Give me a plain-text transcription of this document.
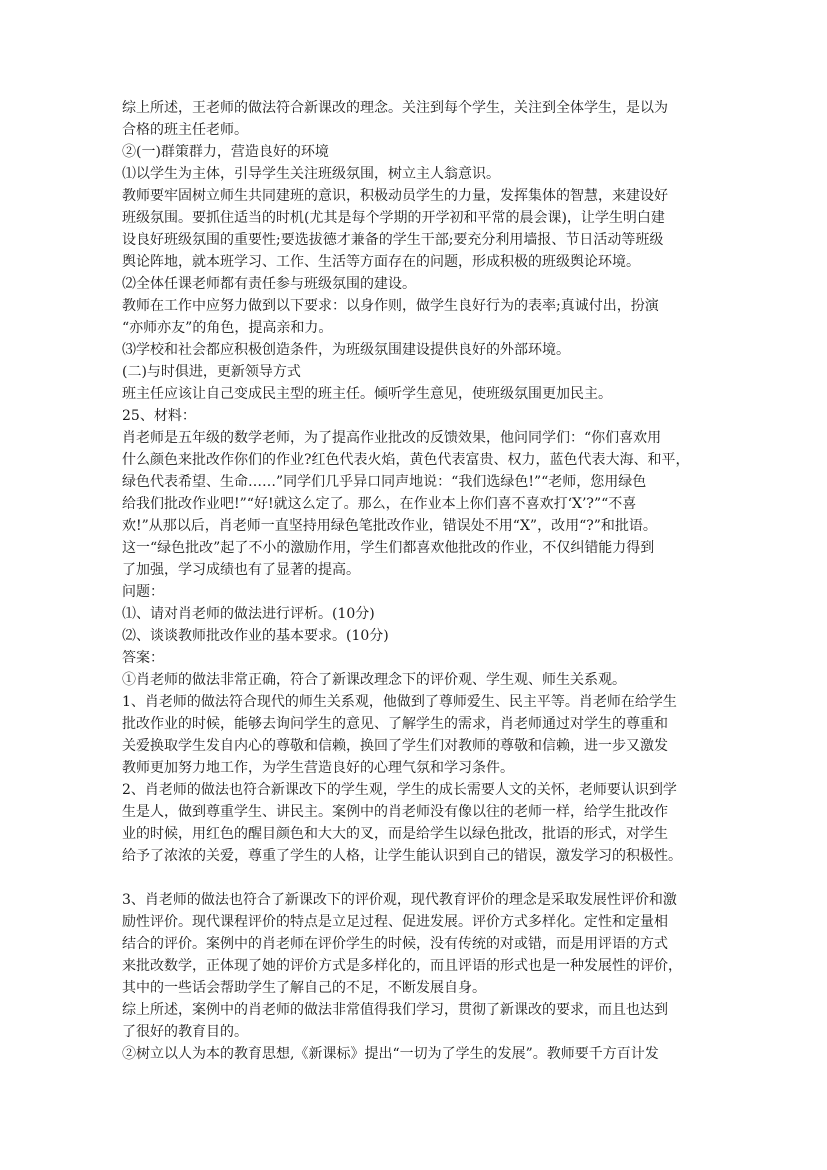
综上所述，王老师的做法符合新课改的理念。关注到每个学生，关注到全体学生，是以为
合格的班主任老师。
②(一)群策群力，营造良好的环境
⑴以学生为主体，引导学生关注班级氛围，树立主人翁意识。
教师要牢固树立师生共同建班的意识，积极动员学生的力量，发挥集体的智慧，来建设好
班级氛围。要抓住适当的时机(尤其是每个学期的开学初和平常的晨会课)，让学生明白建
设良好班级氛围的重要性;要选拔德才兼备的学生干部;要充分利用墙报、节日活动等班级
舆论阵地，就本班学习、工作、生活等方面存在的问题，形成积极的班级舆论环境。
⑵全体任课老师都有责任参与班级氛围的建设。
教师在工作中应努力做到以下要求：以身作则，做学生良好行为的表率;真诚付出，扮演
“亦师亦友”的角色，提高亲和力。
⑶学校和社会都应积极创造条件，为班级氛围建设提供良好的外部环境。
(二)与时俱进，更新领导方式
班主任应该让自己变成民主型的班主任。倾听学生意见，使班级氛围更加民主。
25、材料：
肖老师是五年级的数学老师，为了提高作业批改的反馈效果，他问同学们：“你们喜欢用
什么颜色来批改作你们的作业?红色代表火焰，黄色代表富贵、权力，蓝色代表大海、和平，
绿色代表希望、生命……”同学们几乎异口同声地说：“我们选绿色!”“老师，您用绿色
给我们批改作业吧!”“好!就这么定了。那么，在作业本上你们喜不喜欢打‘X’?”“不喜
欢!”从那以后，肖老师一直坚持用绿色笔批改作业，错误处不用“X”，改用“?”和批语。
这一“绿色批改”起了不小的激励作用，学生们都喜欢他批改的作业，不仅纠错能力得到
了加强，学习成绩也有了显著的提高。
问题：
⑴、请对肖老师的做法进行评析。(10分)
⑵、谈谈教师批改作业的基本要求。(10分)
答案：
①肖老师的做法非常正确，符合了新课改理念下的评价观、学生观、师生关系观。
1、肖老师的做法符合现代的师生关系观，他做到了尊师爱生、民主平等。肖老师在给学生
批改作业的时候，能够去询问学生的意见、了解学生的需求，肖老师通过对学生的尊重和
关爱换取学生发自内心的尊敬和信赖，换回了学生们对教师的尊敬和信赖，进一步又激发
教师更加努力地工作，为学生营造良好的心理气氛和学习条件。
2、肖老师的做法也符合新课改下的学生观，学生的成长需要人文的关怀，老师要认识到学
生是人，做到尊重学生、讲民主。案例中的肖老师没有像以往的老师一样，给学生批改作
业的时候，用红色的醒目颜色和大大的叉，而是给学生以绿色批改，批语的形式，对学生
给予了浓浓的关爱，尊重了学生的人格，让学生能认识到自己的错误，激发学习的积极性。
3、肖老师的做法也符合了新课改下的评价观，现代教育评价的理念是采取发展性评价和激
励性评价。现代课程评价的特点是立足过程、促进发展。评价方式多样化。定性和定量相
结合的评价。案例中的肖老师在评价学生的时候，没有传统的对或错，而是用评语的方式
来批改数学，正体现了她的评价方式是多样化的，而且评语的形式也是一种发展性的评价，
其中的一些话会帮助学生了解自己的不足，不断发展自身。
综上所述，案例中的肖老师的做法非常值得我们学习，贯彻了新课改的要求，而且也达到
了很好的教育目的。
②树立以人为本的教育思想,《新课标》提出“一切为了学生的发展”。教师要千方百计发
